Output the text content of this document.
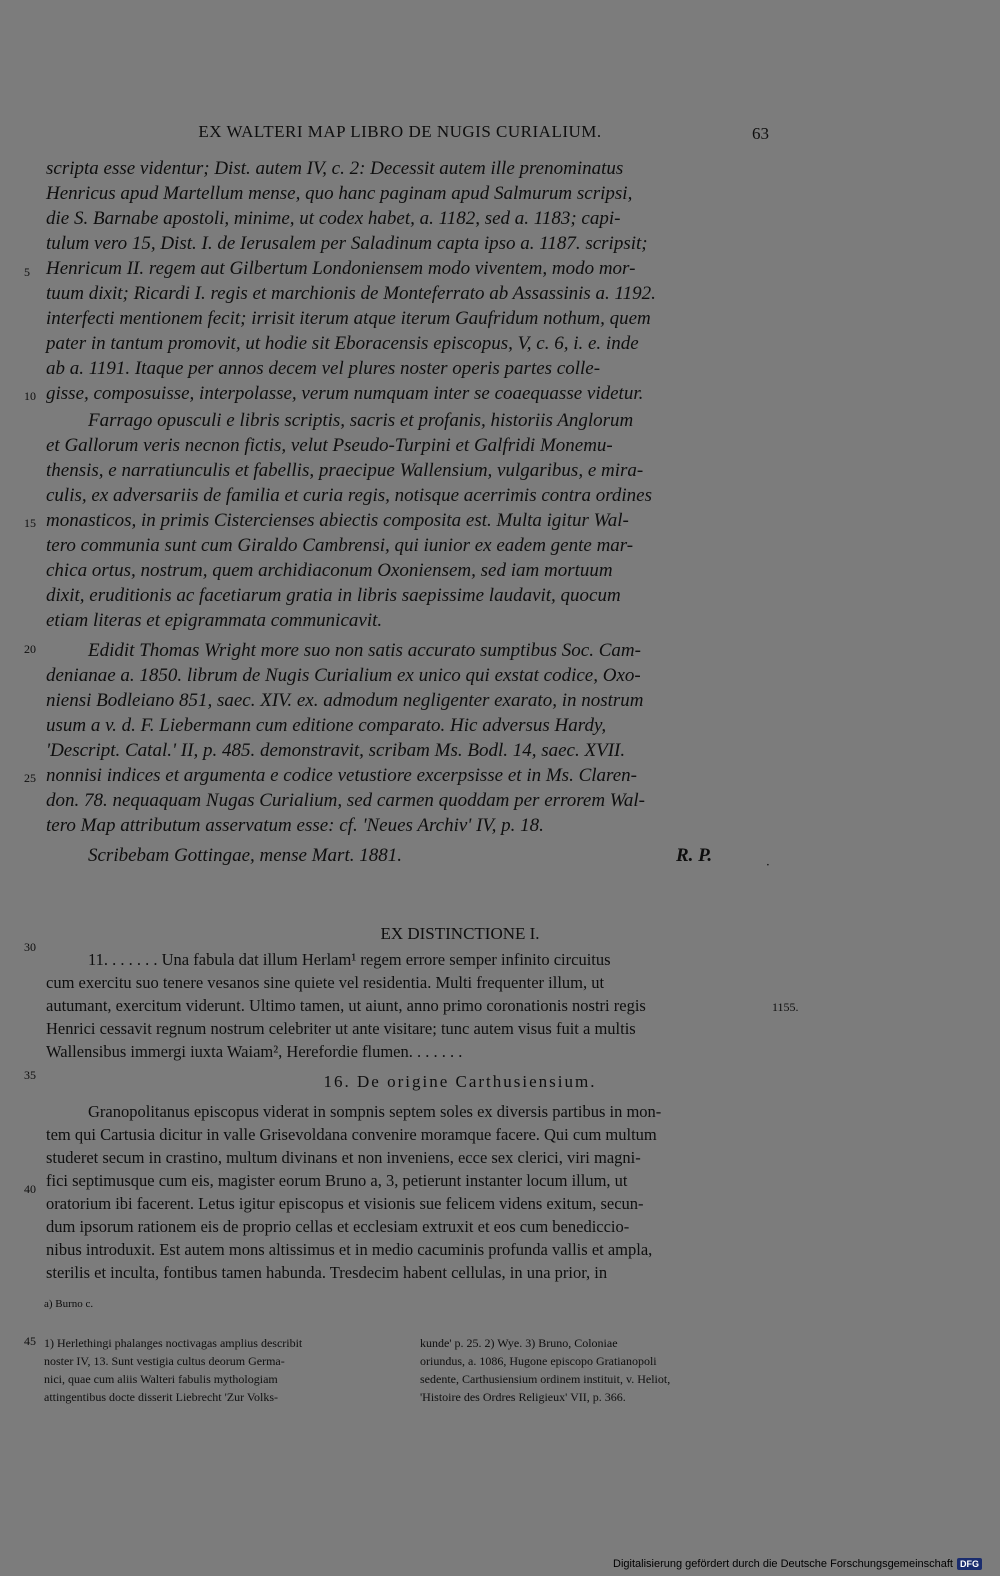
EX WALTERI MAP LIBRO DE NUGIS CURIALIUM.	63
scripta esse videntur; Dist. autem IV, c. 2: Decessit autem ille prenominatus
Henricus apud Martellum mense, quo hanc paginam apud Salmurum scripsi,
die S. Barnabe apostoli, minime, ut codex habet, a. 1182, sed a. 1183; capi-
tulum vero 15, Dist. I. de Ierusalem per Saladinum capta ipso a. 1187. scripsit;
Henricum II. regem aut Gilbertum Londoniensem modo viventem, modo mor-
tuum dixit; Ricardi I. regis et marchionis de Monteferrato ab Assassinis a. 1192.
interfecti mentionem fecit; irrisit iterum atque iterum Gaufridum nothum, quem
pater in tantum promovit, ut hodie sit Eboracensis episcopus, V, c. 6, i. e. inde
ab a. 1191. Itaque per annos decem vel plures noster operis partes colle-
gisse, composuisse, interpolasse, verum numquam inter se coaequasse videtur.
Farrago opusculi e libris scriptis, sacris et profanis, historiis Anglorum
et Gallorum veris necnon fictis, velut Pseudo-Turpini et Galfridi Monemu-
thensis, e narratiunculis et fabellis, praecipue Wallensium, vulgaribus, e mira-
culis, ex adversariis de familia et curia regis, notisque acerrimis contra ordines
monasticos, in primis Cistercienses abiectis composita est. Multa igitur Wal-
tero communia sunt cum Giraldo Cambrensi, qui iunior ex eadem gente mar-
chica ortus, nostrum, quem archidiaconum Oxoniensem, sed iam mortuum
dixit, eruditionis ac facetiarum gratia in libris saepissime laudavit, quocum
etiam literas et epigrammata communicavit.
Edidit Thomas Wright more suo non satis accurato sumptibus Soc. Cam-
denianae a. 1850. librum de Nugis Curialium ex unico qui exstat codice, Oxo-
niensi Bodleiano 851, saec. XIV. ex. admodum negligenter exarato, in nostrum
usum a v. d. F. Liebermann cum editione comparato. Hic adversus Hardy,
'Descript. Catal.' II, p. 485. demonstravit, scribam Ms. Bodl. 14, saec. XVII.
nonnisi indices et argumenta e codice vetustiore excerpsisse et in Ms. Claren-
don. 78. nequaquam Nugas Curialium, sed carmen quoddam per errorem Wal-
tero Map attributum asservatum esse: cf. 'Neues Archiv' IV, p. 18.
Scribebam Gottingae, mense Mart. 1881.	R. P.	·
EX DISTINCTIONE I.
11. . . . . . . Una fabula dat illum Herlam¹ regem errore semper infinito circuitus
cum exercitu suo tenere vesanos sine quiete vel residentia. Multi frequenter illum, ut
autumant, exercitum viderunt. Ultimo tamen, ut aiunt, anno primo coronationis nostri regis
Henrici cessavit regnum nostrum celebriter ut ante visitare; tunc autem visus fuit a multis
Wallensibus immergi iuxta Waiam², Herefordie flumen. . . . . . .
1155.
16. De origine Carthusiensium.
Granopolitanus episcopus viderat in sompnis septem soles ex diversis partibus in mon-
tem qui Cartusia dicitur in valle Grisevoldana convenire moramque facere. Qui cum multum
studeret secum in crastino, multum divinans et non inveniens, ecce sex clerici, viri magni-
fici septimusque cum eis, magister eorum Bruno a, 3, petierunt instanter locum illum, ut
oratorium ibi facerent. Letus igitur episcopus et visionis sue felicem videns exitum, secun-
dum ipsorum rationem eis de proprio cellas et ecclesiam extruxit et eos cum benediccio-
nibus introduxit. Est autem mons altissimus et in medio cacuminis profunda vallis et ampla,
sterilis et inculta, fontibus tamen habunda. Tresdecim habent cellulas, in una prior, in
5
10
15
20
25
30
35
40
45
a) Burno c.
1) Herlethingi phalanges noctivagas amplius describit
noster IV, 13. Sunt vestigia cultus deorum Germa-
nici, quae cum aliis Walteri fabulis mythologiam
attingentibus docte disserit Liebrecht 'Zur Volks-
kunde' p. 25. 2) Wye. 3) Bruno, Coloniae
oriundus, a. 1086, Hugone episcopo Gratianopoli
sedente, Carthusiensium ordinem instituit, v. Heliot,
'Histoire des Ordres Religieux' VII, p. 366.
Digitalisierung gefördert durch die Deutsche Forschungsgemeinschaft DFG
